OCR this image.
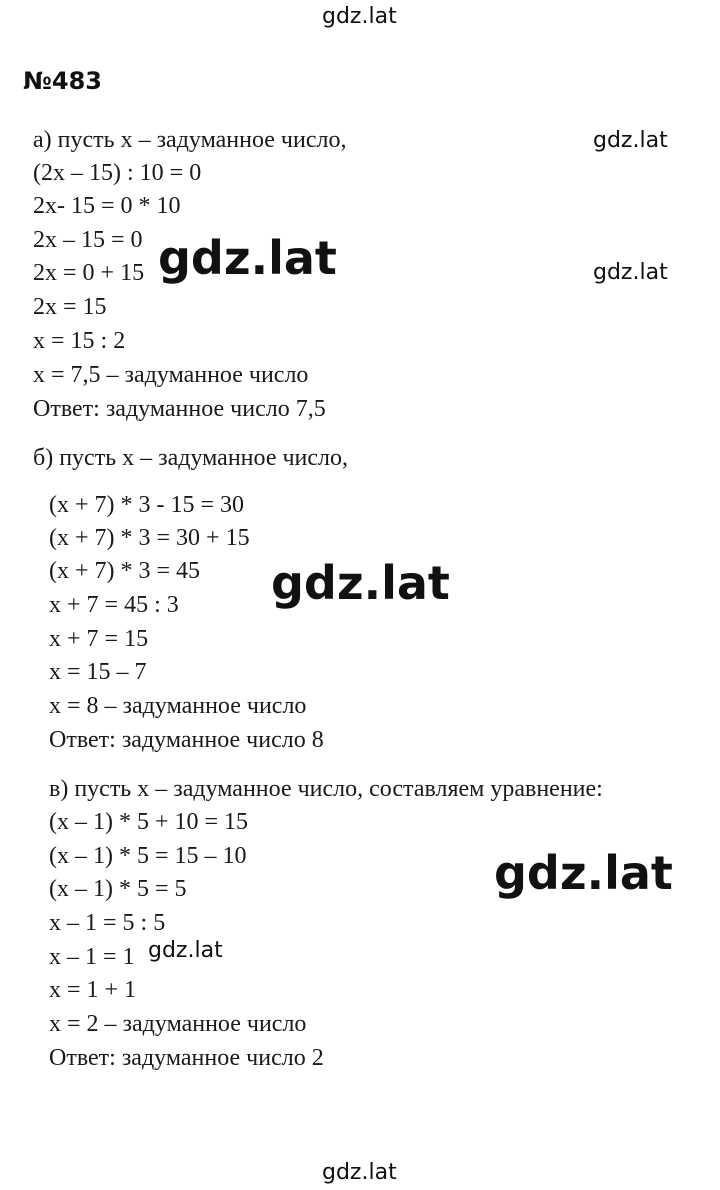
gdz.lat
№483
а) пусть х – задуманное число,
(2х – 15) : 10 = 0
2х- 15 = 0 * 10
2х – 15 = 0
2х = 0 + 15
2х = 15
х = 15 : 2
х = 7,5 – задуманное число
Ответ: задуманное число 7,5
б) пусть х – задуманное число,
(х + 7) * 3 - 15 = 30
(х + 7) * 3 = 30 + 15
(х + 7) * 3 = 45
х + 7 = 45 : 3
х + 7 = 15
х = 15 – 7
х = 8 – задуманное число
Ответ: задуманное число 8
в) пусть х – задуманное число, составляем уравнение:
(х – 1) * 5 + 10 = 15
(х – 1) * 5 = 15 – 10
(х – 1) * 5 = 5
х – 1 = 5 : 5
х – 1 = 1
х = 1 + 1
х = 2 – задуманное число
Ответ: задуманное число 2
gdz.lat
gdz.lat
gdz.lat
gdz.lat
gdz.lat
gdz.lat
gdz.lat
